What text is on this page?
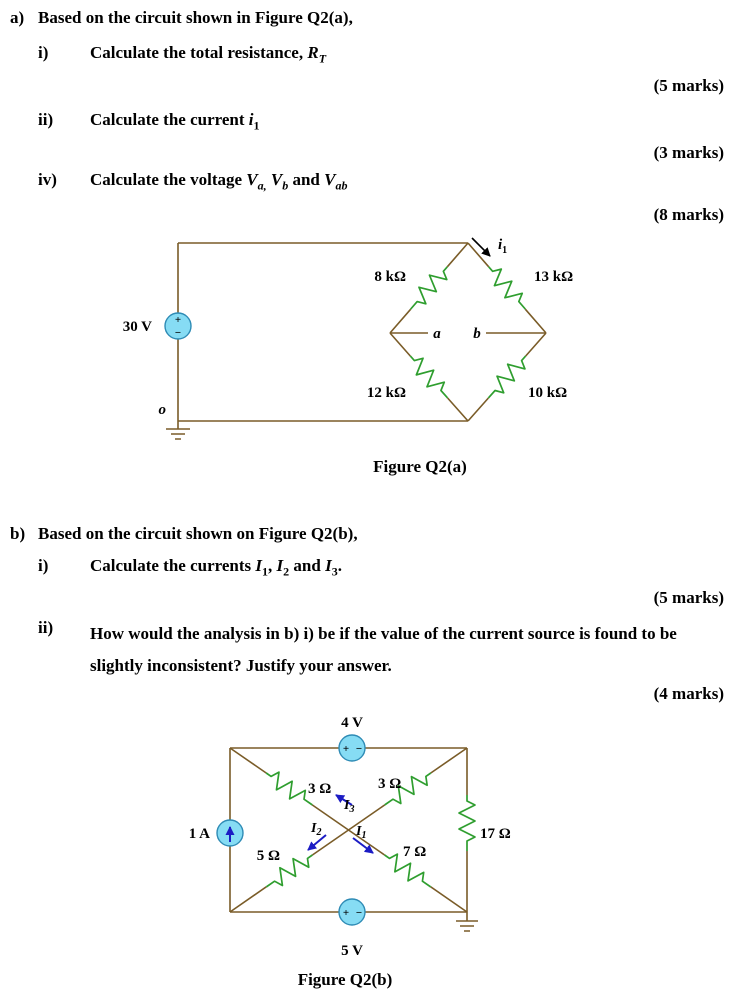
a) Based on the circuit shown in Figure Q2(a),
i) Calculate the total resistance, $R_T$
(5 marks)
ii) Calculate the current $i_1$
(3 marks)
iv) Calculate the voltage $V_{a,}$ $V_b$ and $V_{ab}$
(8 marks)
+
−
30 V
8 kΩ	13 kΩ
12 kΩ	10 kΩ
a b
o
$i_1$
Figure Q2(a)
b) Based on the circuit shown on Figure Q2(b),
i) Calculate the currents $I_1$, $I_2$ and $I_3$.
(5 marks)
ii) How would the analysis in b) i) be if the value of the current source is found to be slightly inconsistent? Justify your answer.
(4 marks)
+ −
4 V
+ −
5 V
1 A
3 Ω	3 Ω
5 Ω	7 Ω
17 Ω
$I_3$
$I_2$ $I_1$
Figure Q2(b)
